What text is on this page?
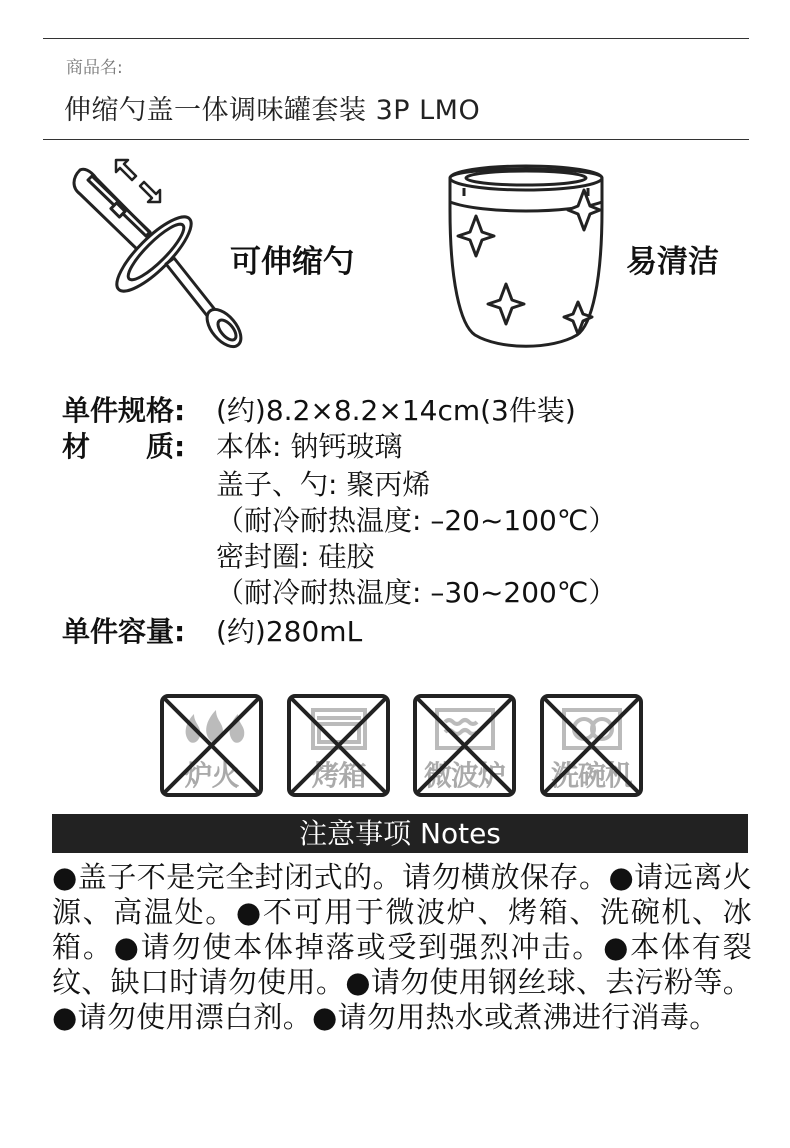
商品名:
伸缩勺盖一体调味罐套装 3P LMO
可伸缩勺	易清洁
单件规格: (约)8.2×8.2×14cm(3件装)
材　　质: 本体: 钠钙玻璃
盖子、勺: 聚丙烯
（耐冷耐热温度: –20~100℃）
密封圈: 硅胶
（耐冷耐热温度: –30~200℃）
单件容量: (约)280mL
炉火	烤箱	微波炉	洗碗机
注意事项 Notes
●盖子不是完全封闭式的。请勿横放保存。●请远离火源、高温处。●不可用于微波炉、烤箱、洗碗机、冰箱。●请勿使本体掉落或受到强烈冲击。●本体有裂纹、缺口时请勿使用。●请勿使用钢丝球、去污粉等。●请勿使用漂白剂。●请勿用热水或煮沸进行消毒。
